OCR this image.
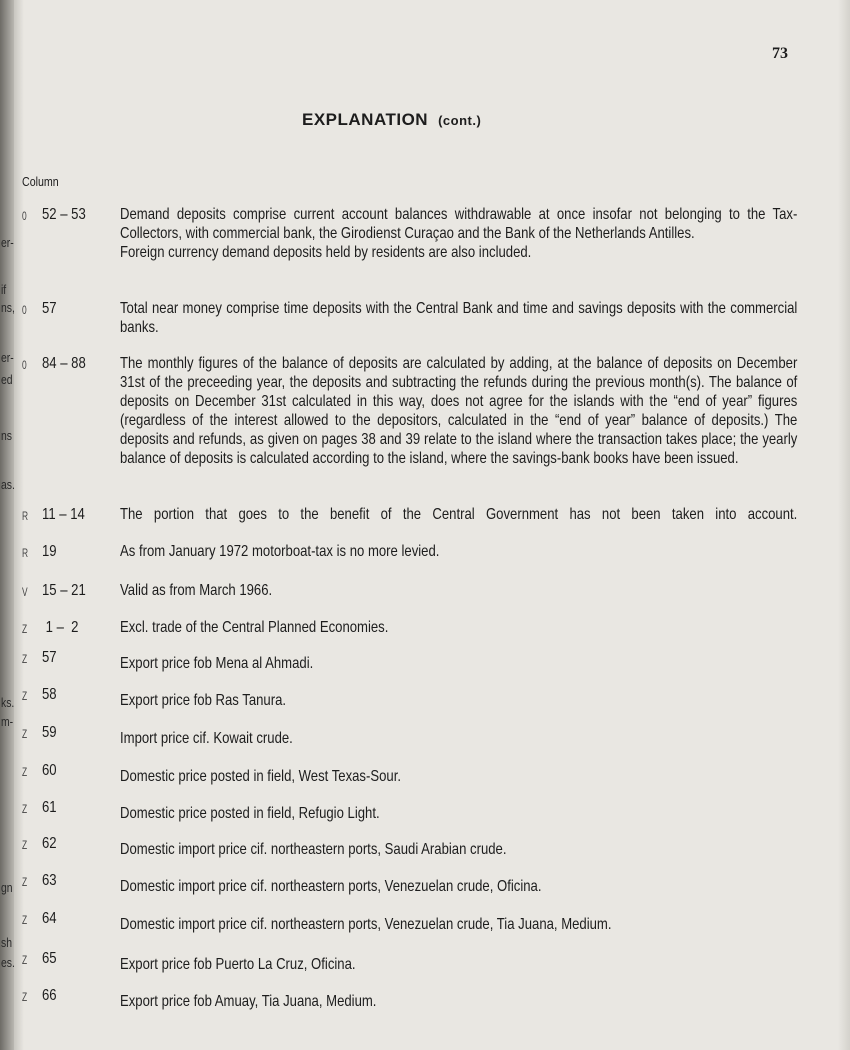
er-
if
ns,
er-
ed
ns
as.
ks.
m-
gn
sh
es.
73
EXPLANATION (cont.)
Column
0 52 – 53 Demand deposits comprise current account balances withdrawable at once insofar not belonging to the Tax- Collectors, with commercial bank, the Girodienst Curaçao and the Bank of the Netherlands Antilles.

Foreign currency demand deposits held by residents are also included.

0 57	Total near money comprise time deposits with the Central Bank and time and savings deposits with the commercial banks.

0 84 – 88 The monthly figures of the balance of deposits are calculated by adding, at the balance of deposits on December 31st of the preceeding year, the deposits and subtracting the refunds during the previous month(s). The balance of deposits on December 31st calculated in this way, does not agree for the islands with the “end of year” figures (regardless of the interest allowed to the depositors, calculated in the “end of year” balance of deposits.) The deposits and refunds, as given on pages 38 and 39 relate to the island where the transaction takes place; the yearly balance of deposits is calculated according to the island, where the savings-bank books have been issued.

R 11 – 14 The portion that goes to the benefit of the Central Government has not been taken into account.

R 19	As from January 1972 motorboat-tax is no more levied.

V 15 – 21 Valid as from March 1966.

Z 1 –  2	Excl. trade of the Central Planned Economies.

Z 57	Export price fob Mena al Ahmadi.

Z 58	Export price fob Ras Tanura.

Z 59	Import price cif. Kowait crude.

Z 60	Domestic price posted in field, West Texas-Sour.

Z 61	Domestic price posted in field, Refugio Light.

Z 62	Domestic import price cif. northeastern ports, Saudi Arabian crude.

Z 63	Domestic import price cif. northeastern ports, Venezuelan crude, Oficina.

Z 64	Domestic import price cif. northeastern ports, Venezuelan crude, Tia Juana, Medium.

Z 65	Export price fob Puerto La Cruz, Oficina.

Z 66	Export price fob Amuay, Tia Juana, Medium.
